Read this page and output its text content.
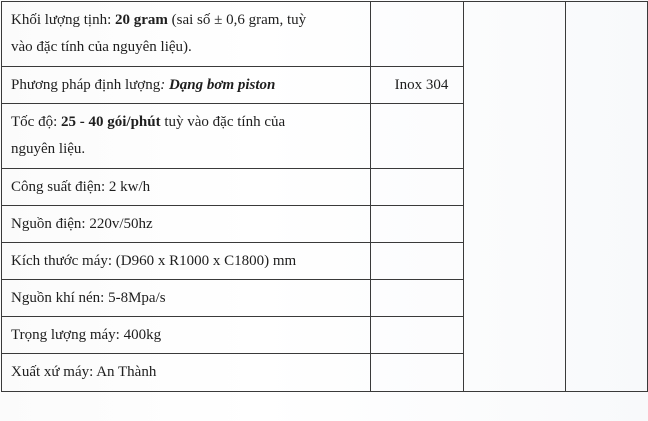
Khối lượng tịnh: 20 gram (sai số ± 0,6 gram, tuỳ
vào đặc tính của nguyên liệu).			

Phương pháp định lượng: Dạng bơm piston	Inox 304		

Tốc độ: 25 - 40 gói/phút tuỳ vào đặc tính của
nguyên liệu.			

Công suất điện: 2 kw/h			
Nguồn điện: 220v/50hz			
Kích thước máy: (D960 x R1000 x C1800) mm			
Nguồn khí nén: 5-8Mpa/s			
Trọng lượng máy: 400kg			
Xuất xứ máy: An Thành			
